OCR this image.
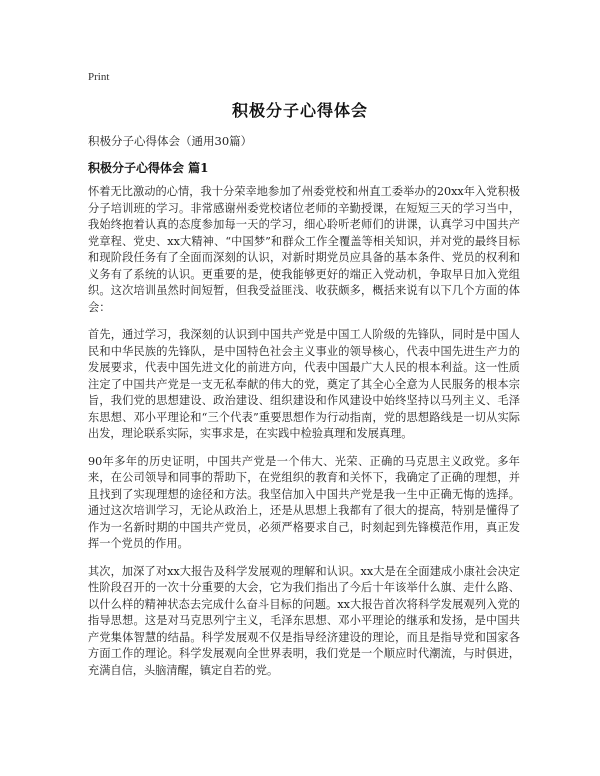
Print
积极分子心得体会
积极分子心得体会（通用30篇）
积极分子心得体会 篇1

怀着无比激动的心情，我十分荣幸地参加了州委党校和州直工委举办的20xx年入党积极分子培训班的学习。非常感谢州委党校诸位老师的辛勤授课，在短短三天的学习当中，我始终抱着认真的态度参加每一天的学习，细心聆听老师们的讲课，认真学习中国共产党章程、党史、xx大精神、“中国梦”和群众工作全覆盖等相关知识，并对党的最终目标和现阶段任务有了全面而深刻的认识，对新时期党员应具备的基本条件、党员的权利和义务有了系统的认识。更重要的是，使我能够更好的端正入党动机，争取早日加入党组织。这次培训虽然时间短暂，但我受益匪浅、收获颇多，概括来说有以下几个方面的体会：

首先，通过学习，我深刻的认识到中国共产党是中国工人阶级的先锋队，同时是中国人民和中华民族的先锋队，是中国特色社会主义事业的领导核心，代表中国先进生产力的发展要求，代表中国先进文化的前进方向，代表中国最广大人民的根本利益。这一性质注定了中国共产党是一支无私奉献的伟大的党，奠定了其全心全意为人民服务的根本宗旨，我们党的思想建设、政治建设、组织建设和作风建设中始终坚持以马列主义、毛泽东思想、邓小平理论和“三个代表”重要思想作为行动指南，党的思想路线是一切从实际出发，理论联系实际，实事求是，在实践中检验真理和发展真理。

90年多年的历史证明，中国共产党是一个伟大、光荣、正确的马克思主义政党。多年来，在公司领导和同事的帮助下，在党组织的教育和关怀下，我确定了正确的理想，并且找到了实现理想的途径和方法。我坚信加入中国共产党是我一生中正确无悔的选择。通过这次培训学习，无论从政治上，还是从思想上我都有了很大的提高，特别是懂得了作为一名新时期的中国共产党员，必须严格要求自己，时刻起到先锋模范作用，真正发挥一个党员的作用。

其次，加深了对xx大报告及科学发展观的理解和认识。xx大是在全面建成小康社会决定性阶段召开的一次十分重要的大会，它为我们指出了今后十年该举什么旗、走什么路、以什么样的精神状态去完成什么奋斗目标的问题。xx大报告首次将科学发展观列入党的指导思想。这是对马克思列宁主义，毛泽东思想、邓小平理论的继承和发扬，是中国共产党集体智慧的结晶。科学发展观不仅是指导经济建设的理论，而且是指导党和国家各方面工作的理论。科学发展观向全世界表明，我们党是一个顺应时代潮流，与时俱进，充满自信，头脑清醒，镇定自若的党。
